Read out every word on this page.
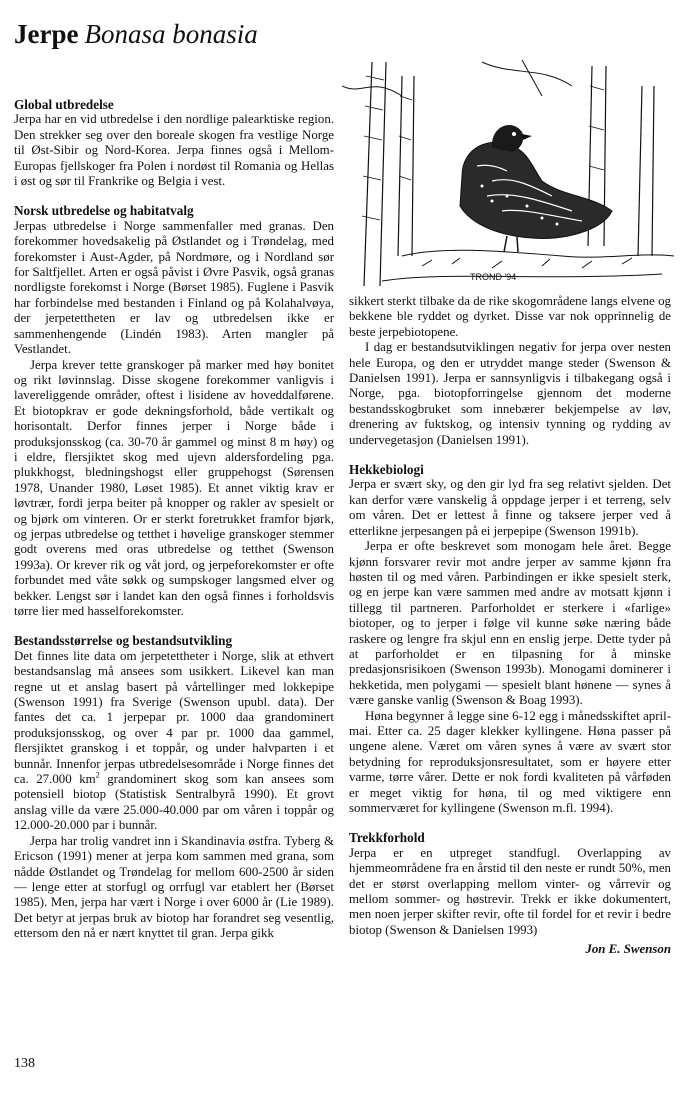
Jerpe Bonasa bonasia
Global utbredelse

Jerpa har en vid utbredelse i den nordlige palearktiske region. Den strekker seg over den boreale skogen fra vestlige Norge til Øst-Sibir og Nord-Korea. Jerpa finnes også i Mellom-Europas fjellskoger fra Polen i nordøst til Romania og Hellas i øst og sør til Frankrike og Belgia i vest.

Norsk utbredelse og habitatvalg

Jerpas utbredelse i Norge sammenfaller med granas. Den forekommer hovedsakelig på Østlandet og i Trøndelag, med forekomster i Aust-Agder, på Nordmøre, og i Nordland sør for Saltfjellet. Arten er også påvist i Øvre Pasvik, også granas nordligste forekomst i Norge (Børset 1985). Fuglene i Pasvik har forbindelse med bestanden i Finland og på Kolahalvøya, der jerpetettheten er lav og utbredelsen ikke er sammenhengende (Lindén 1983). Arten mangler på Vestlandet.

Jerpa krever tette granskoger på marker med høy bonitet og rikt løvinnslag. Disse skogene forekommer vanligvis i lavereliggende områder, oftest i lisidene av hoveddalførene. Et biotopkrav er gode dekningsforhold, både vertikalt og horisontalt. Derfor finnes jerper i Norge både i produksjonsskog (ca. 30-70 år gammel og minst 8 m høy) og i eldre, flersjiktet skog med ujevn aldersfordeling pga. plukkhogst, bledningshogst eller gruppehogst (Sørensen 1978, Unander 1980, Løset 1985). Et annet viktig krav er løvtrær, fordi jerpa beiter på knopper og rakler av spesielt or og bjørk om vinteren. Or er sterkt foretrukket framfor bjørk, og jerpas utbredelse og tetthet i høvelige granskoger stemmer godt overens med oras utbredelse og tetthet (Swenson 1993a). Or krever rik og våt jord, og jerpeforekomster er ofte forbundet med våte søkk og sumpskoger langsmed elver og bekker. Lengst sør i landet kan den også finnes i forholdsvis tørre lier med hasselforekomster.

Bestandsstørrelse og bestandsutvikling

Det finnes lite data om jerpetettheter i Norge, slik at ethvert bestandsanslag må ansees som usikkert. Likevel kan man regne ut et anslag basert på vårtellinger med lokkepipe (Swenson 1991) fra Sverige (Swenson upubl. data). Der fantes det ca. 1 jerpepar pr. 1000 daa grandominert produksjonsskog, og over 4 par pr. 1000 daa gammel, flersjiktet granskog i et toppår, og under halvparten i et bunnår. Innenfor jerpas utbredelsesområde i Norge finnes det ca. 27.000 $km^2$ grandominert skog som kan ansees som potensiell biotop (Statistisk Sentralbyrå 1990). Et grovt anslag ville da være 25.000-40.000 par om våren i toppår og 12.000-20.000 par i bunnår.

Jerpa har trolig vandret inn i Skandinavia østfra. Tyberg & Ericson (1991) mener at jerpa kom sammen med grana, som nådde Østlandet og Trøndelag for mellom 600-2500 år siden — lenge etter at storfugl og orrfugl var etablert her (Børset 1985). Men, jerpa har vært i Norge i over 6000 år (Lie 1989). Det betyr at jerpas bruk av biotop har forandret seg vesentlig, ettersom den nå er nært knyttet til gran. Jerpa gikk

TROND '94

sikkert sterkt tilbake da de rike skogområdene langs elvene og bekkene ble ryddet og dyrket. Disse var nok opprinnelig de beste jerpebiotopene.

I dag er bestandsutviklingen negativ for jerpa over nesten hele Europa, og den er utryddet mange steder (Swenson & Danielsen 1991). Jerpa er sannsynligvis i tilbakegang også i Norge, pga. biotopforringelse gjennom det moderne bestandsskogbruket som innebærer bekjempelse av løv, drenering av fuktskog, og intensiv tynning og rydding av undervegetasjon (Danielsen 1991).

Hekkebiologi

Jerpa er svært sky, og den gir lyd fra seg relativt sjelden. Det kan derfor være vanskelig å oppdage jerper i et terreng, selv om våren. Det er lettest å finne og taksere jerper ved å etterlikne jerpesangen på ei jerpepipe (Swenson 1991b).

Jerpa er ofte beskrevet som monogam hele året. Begge kjønn forsvarer revir mot andre jerper av samme kjønn fra høsten til og med våren. Parbindingen er ikke spesielt sterk, og en jerpe kan være sammen med andre av motsatt kjønn i tillegg til partneren. Parforholdet er sterkere i «farlige» biotoper, og to jerper i følge vil kunne søke næring både raskere og lengre fra skjul enn en enslig jerpe. Dette tyder på at parforholdet er en tilpasning for å minske predasjonsrisikoen (Swenson 1993b). Monogami dominerer i hekketida, men polygami — spesielt blant hønene — synes å være ganske vanlig (Swenson & Boag 1993).

Høna begynner å legge sine 6-12 egg i månedsskiftet april-mai. Etter ca. 25 dager klekker kyllingene. Høna passer på ungene alene. Været om våren synes å være av svært stor betydning for reproduksjonsresultatet, som er høyere etter varme, tørre vårer. Dette er nok fordi kvaliteten på vårføden er meget viktig for høna, til og med viktigere enn sommerværet for kyllingene (Swenson m.fl. 1994).

Trekkforhold

Jerpa er en utpreget standfugl. Overlapping av hjemmeområdene fra en årstid til den neste er rundt 50%, men det er størst overlapping mellom vinter- og vårrevir og mellom sommer- og høstrevir. Trekk er ikke dokumentert, men noen jerper skifter revir, ofte til fordel for et revir i bedre biotop (Swenson & Danielsen 1993)

Jon E. Swenson

138
